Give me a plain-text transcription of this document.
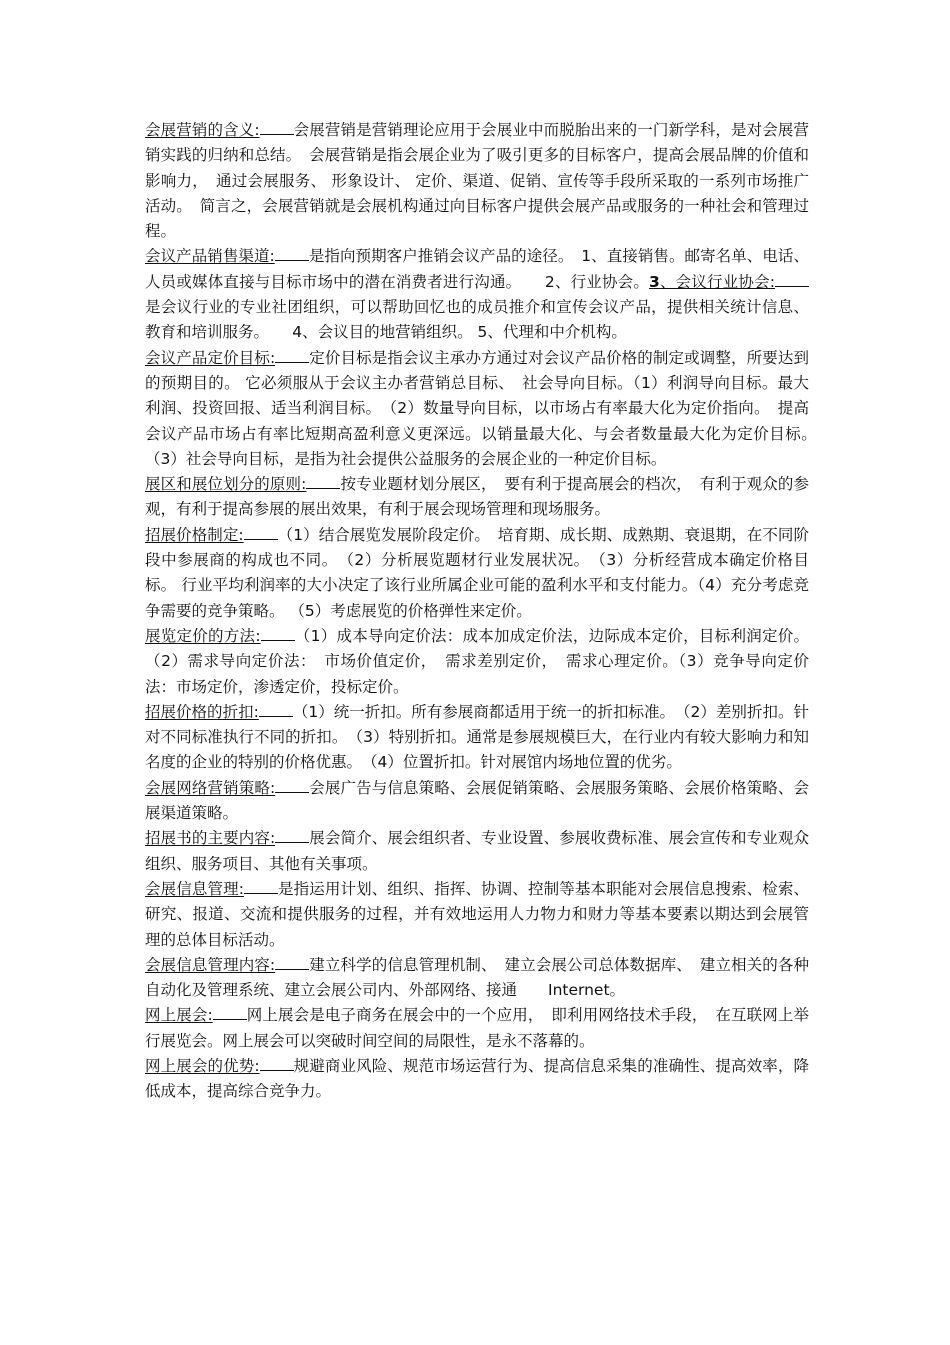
会展营销的含义: 会展营销是营销理论应用于会展业中而脱胎出来的一门新学科，是对会展营销实践的归纳和总结。　会展营销是指会展企业为了吸引更多的目标客户，提高会展品牌的价值和影响力，　通过会展服务、 形象设计、 定价、渠道、促销、宣传等手段所采取的一系列市场推广活动。　简言之，会展营销就是会展机构通过向目标客户提供会展产品或服务的一种社会和管理过程。

会议产品销售渠道: 是指向预期客户推销会议产品的途径。　1、直接销售。邮寄名单、电话、人员或媒体直接与目标市场中的潜在消费者进行沟通。　　2、行业协会。3、会议行业协会:是会议行业的专业社团组织，可以帮助回忆也的成员推介和宣传会议产品，提供相关统计信息、教育和培训服务。　　4、会议目的地营销组织。 5、代理和中介机构。

会议产品定价目标: 定价目标是指会议主承办方通过对会议产品价格的制定或调整，所要达到的预期目的。 它必须服从于会议主办者营销总目标、　社会导向目标。（1）利润导向目标。最大利润、投资回报、适当利润目标。　（2）数量导向目标，以市场占有率最大化为定价指向。　提高会议产品市场占有率比短期高盈利意义更深远。以销量最大化、与会者数量最大化为定价目标。　（3）社会导向目标，是指为社会提供公益服务的会展企业的一种定价目标。

展区和展位划分的原则: 按专业题材划分展区，　要有利于提高展会的档次，　有利于观众的参观，有利于提高参展的展出效果，有利于展会现场管理和现场服务。

招展价格制定: （1）结合展览发展阶段定价。　培育期、成长期、成熟期、衰退期，在不同阶段中参展商的构成也不同。　（2）分析展览题材行业发展状况。　（3）分析经营成本确定价格目标。 行业平均利润率的大小决定了该行业所属企业可能的盈利水平和支付能力。（4）充分考虑竞争需要的竞争策略。 （5）考虑展览的价格弹性来定价。

展览定价的方法: （1）成本导向定价法：成本加成定价法，边际成本定价，目标利润定价。（2）需求导向定价法：　市场价值定价，　需求差别定价，　需求心理定价。（3）竞争导向定价法：市场定价，渗透定价，投标定价。

招展价格的折扣: （1）统一折扣。所有参展商都适用于统一的折扣标准。　（2）差别折扣。针对不同标准执行不同的折扣。　（3）特别折扣。通常是参展规模巨大，在行业内有较大影响力和知名度的企业的特别的价格优惠。　（4）位置折扣。针对展馆内场地位置的优劣。

会展网络营销策略: 会展广告与信息策略、会展促销策略、会展服务策略、会展价格策略、会展渠道策略。

招展书的主要内容: 展会简介、展会组织者、专业设置、参展收费标准、展会宣传和专业观众组织、服务项目、其他有关事项。

会展信息管理: 是指运用计划、组织、指挥、协调、控制等基本职能对会展信息搜索、检索、研究、报道、交流和提供服务的过程，并有效地运用人力物力和财力等基本要素以期达到会展管理的总体目标活动。

会展信息管理内容: 建立科学的信息管理机制、　建立会展公司总体数据库、　建立相关的各种自动化及管理系统、建立会展公司内、外部网络、接通　　Internet。

网上展会: 网上展会是电子商务在展会中的一个应用，　即利用网络技术手段，　在互联网上举行展览会。网上展会可以突破时间空间的局限性，是永不落幕的。

网上展会的优势: 规避商业风险、规范市场运营行为、提高信息采集的准确性、提高效率，降低成本，提高综合竞争力。
